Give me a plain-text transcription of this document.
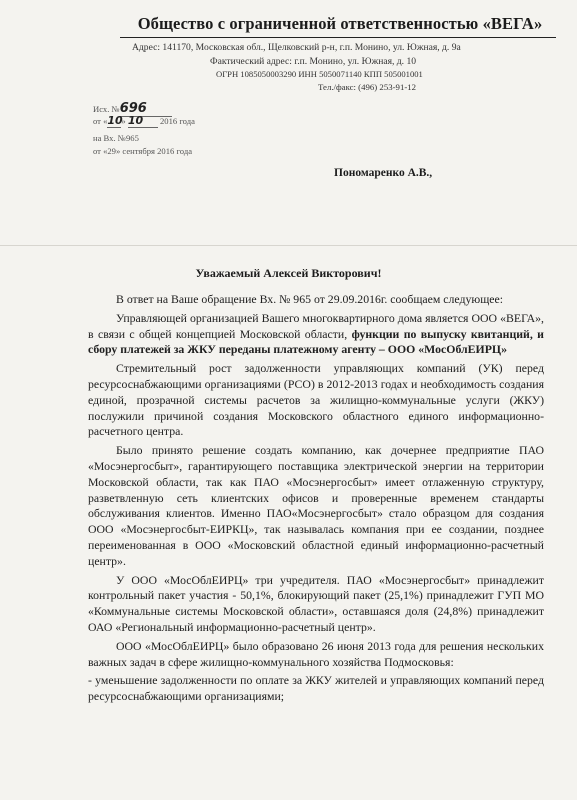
Общество с ограниченной ответственностью «ВЕГА»
Адрес: 141170, Московская обл., Щелковский р-н, г.п. Монино, ул. Южная, д. 9а
Фактический адрес: г.п. Монино, ул. Южная, д. 10
ОГРН 1085050003290 ИНН 5050071140 КПП 505001001
Тел./факс: (496) 253-91-12
Исх. №696
от «10» 10 2016 года
на Вх. №965
от «29» сентября 2016 года
Пономаренко А.В.,
Уважаемый Алексей Викторович!

В ответ на Ваше обращение Вх. № 965 от 29.09.2016г. сообщаем следующее:

Управляющей организацией Вашего многоквартирного дома является ООО «ВЕГА», в связи с общей концепцией Московской области, функции по выпуску квитанций, и сбору платежей за ЖКУ переданы платежному агенту – ООО «МосОблЕИРЦ»

Стремительный рост задолженности управляющих компаний (УК) перед ресурсоснабжающими организациями (РСО) в 2012-2013 годах и необходимость создания единой, прозрачной системы расчетов за жилищно-коммунальные услуги (ЖКУ) послужили причиной создания Московского областного единого информационно-расчетного центра.

Было принято решение создать компанию, как дочернее предприятие ПАО «Мосэнергосбыт», гарантирующего поставщика электрической энергии на территории Московской области, так как ПАО «Мосэнергосбыт» имеет отлаженную структуру, разветвленную сеть клиентских офисов и проверенные временем стандарты обслуживания клиентов. Именно ПАО«Мосэнергосбыт» стало образцом для создания ООО «Мосэнергосбыт-ЕИРКЦ», так называлась компания при ее создании, позднее переименованная в ООО «Московский областной единый информационно-расчетный центр».

У ООО «МосОблЕИРЦ» три учредителя. ПАО «Мосэнергосбыт» принадлежит контрольный пакет участия - 50,1%, блокирующий пакет (25,1%) принадлежит ГУП МО «Коммунальные системы Московской области», оставшаяся доля (24,8%) принадлежит ОАО «Региональный информационно-расчетный центр».

ООО «МосОблЕИРЦ» было образовано 26 июня 2013 года для решения нескольких важных задач в сфере жилищно-коммунального хозяйства Подмосковья:

- уменьшение задолженности по оплате за ЖКУ жителей и управляющих компаний перед ресурсоснабжающими организациями;
